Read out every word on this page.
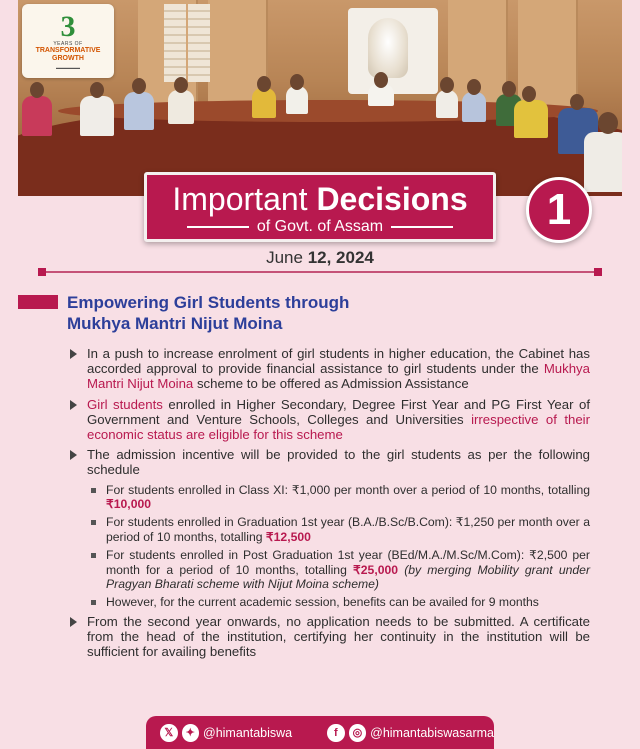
3
YEARS OF
TRANSFORMATIVE
GROWTH
▬▬▬▬▬▬
Important Decisions
of Govt. of Assam	1
June 12, 2024
Empowering Girl Students through
Mukhya Mantri Nijut Moina
In a push to increase enrolment of girl students in higher education, the Cabinet has accorded approval to provide financial assistance to girl students under the Mukhya Mantri Nijut Moina scheme to be offered as Admission Assistance
Girl students enrolled in Higher Secondary, Degree First Year and PG First Year of Government and Venture Schools, Colleges and Universities irrespective of their economic status are eligible for this scheme
The admission incentive will be provided to the girl students as per the following schedule
For students enrolled in Class XI: ₹1,000 per month over a period of 10 months, totalling ₹10,000
For students enrolled in Graduation 1st year (B.A./B.Sc/B.Com): ₹1,250 per month over a period of 10 months, totalling ₹12,500
For students enrolled in Post Graduation 1st year (BEd/M.A./M.Sc/M.Com): ₹2,500 per month for a period of 10 months, totalling ₹25,000 (by merging Mobility grant under Pragyan Bharati scheme with Nijut Moina scheme)
However, for the current academic session, benefits can be availed for 9 months
From the second year onwards, no application needs to be submitted. A certificate from the head of the institution, certifying her continuity in the institution will be sufficient for availing benefits
𝕏	✦ @himantabiswa	f	◎ @himantabiswasarma
